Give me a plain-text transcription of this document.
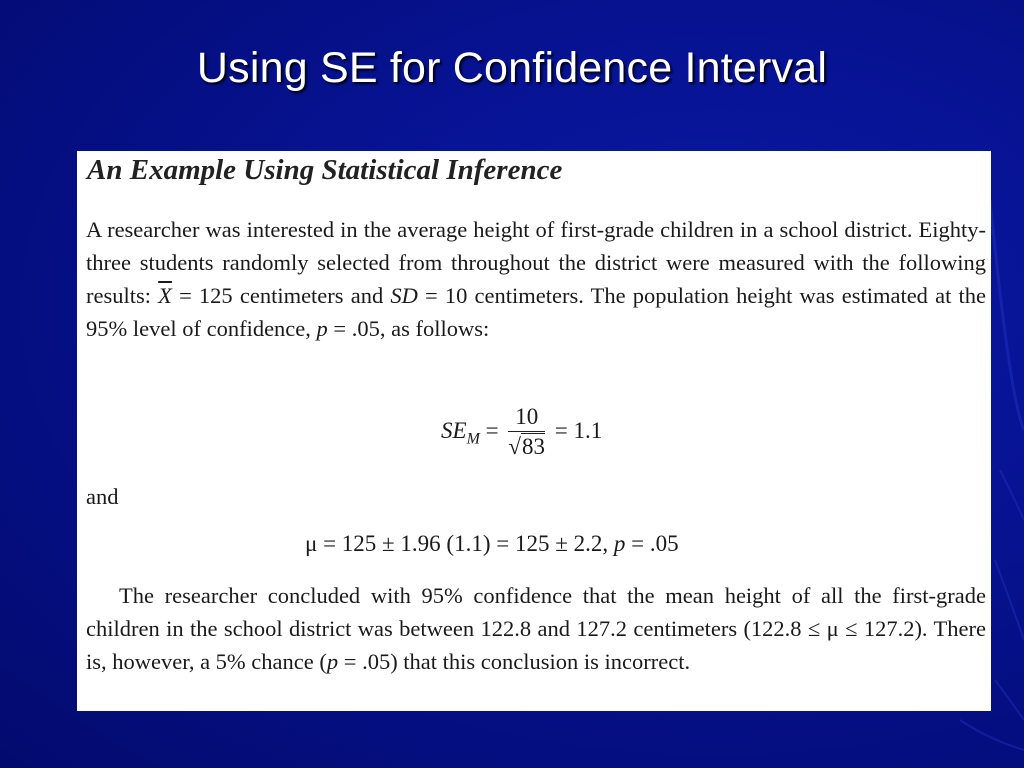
Using SE for Confidence Interval
An Example Using Statistical Inference
A researcher was interested in the average height of first-grade children in a school district. Eighty-three students randomly selected from throughout the district were measured with the following results: $\overline{X} = 125$ centimeters and SD = 10 centimeters. The population height was estimated at the 95% level of confidence, p = .05, as follows:
$SE_M = \frac{10}{√83} = 1.1$
and
μ = 125 ± 1.96 (1.1) = 125 ± 2.2, p = .05
The researcher concluded with 95% confidence that the mean height of all the first-grade children in the school district was between 122.8 and 127.2 centimeters (122.8 ≤ μ ≤ 127.2). There is, however, a 5% chance (p = .05) that this conclusion is incorrect.
